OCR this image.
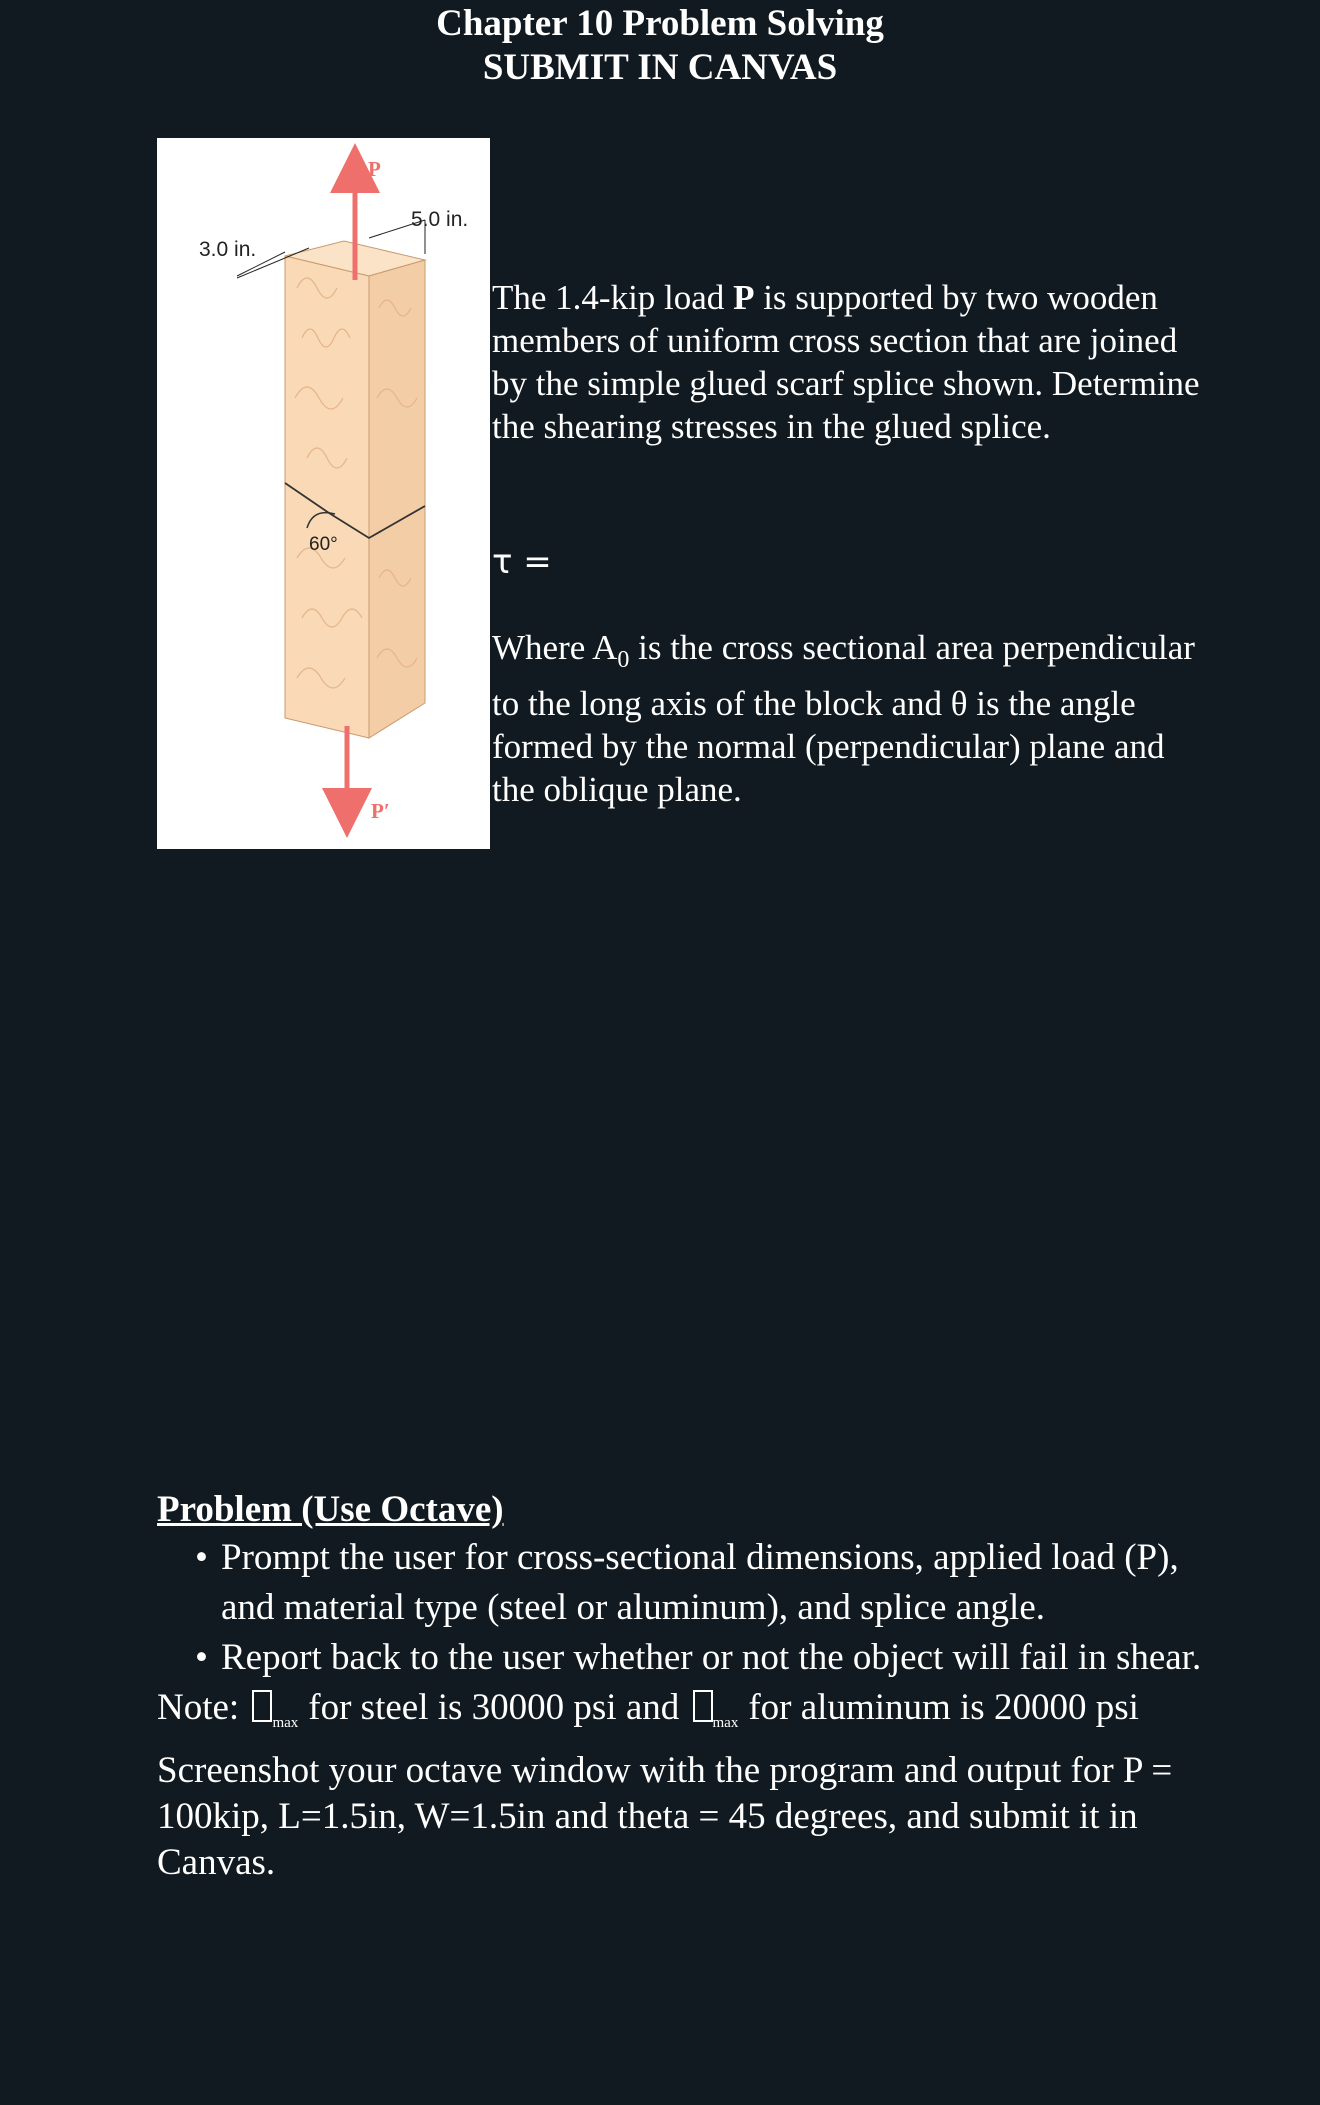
Chapter 10 Problem Solving
SUBMIT IN CANVAS
60°
P
P′
5.0 in.
3.0 in.

The 1.4-kip load P is supported by two wooden members of uniform cross section that are joined by the simple glued scarf splice shown. Determine the shearing stresses in the glued splice.

τ =
Where $A_0$ is the cross sectional area perpendicular to the long axis of the block and θ is the angle formed by the normal (perpendicular) plane and the oblique plane.
Problem (Use Octave)
• Prompt the user for cross-sectional dimensions, applied load (P), and material type (steel or aluminum), and splice angle.
• Report back to the user whether or not the object will fail in shear.
Note: $_{max}$ for steel is 30000 psi and $_{max}$ for aluminum is 20000 psi
Screenshot your octave window with the program and output for P = 100kip, L=1.5in, W=1.5in and theta = 45 degrees, and submit it in Canvas.
